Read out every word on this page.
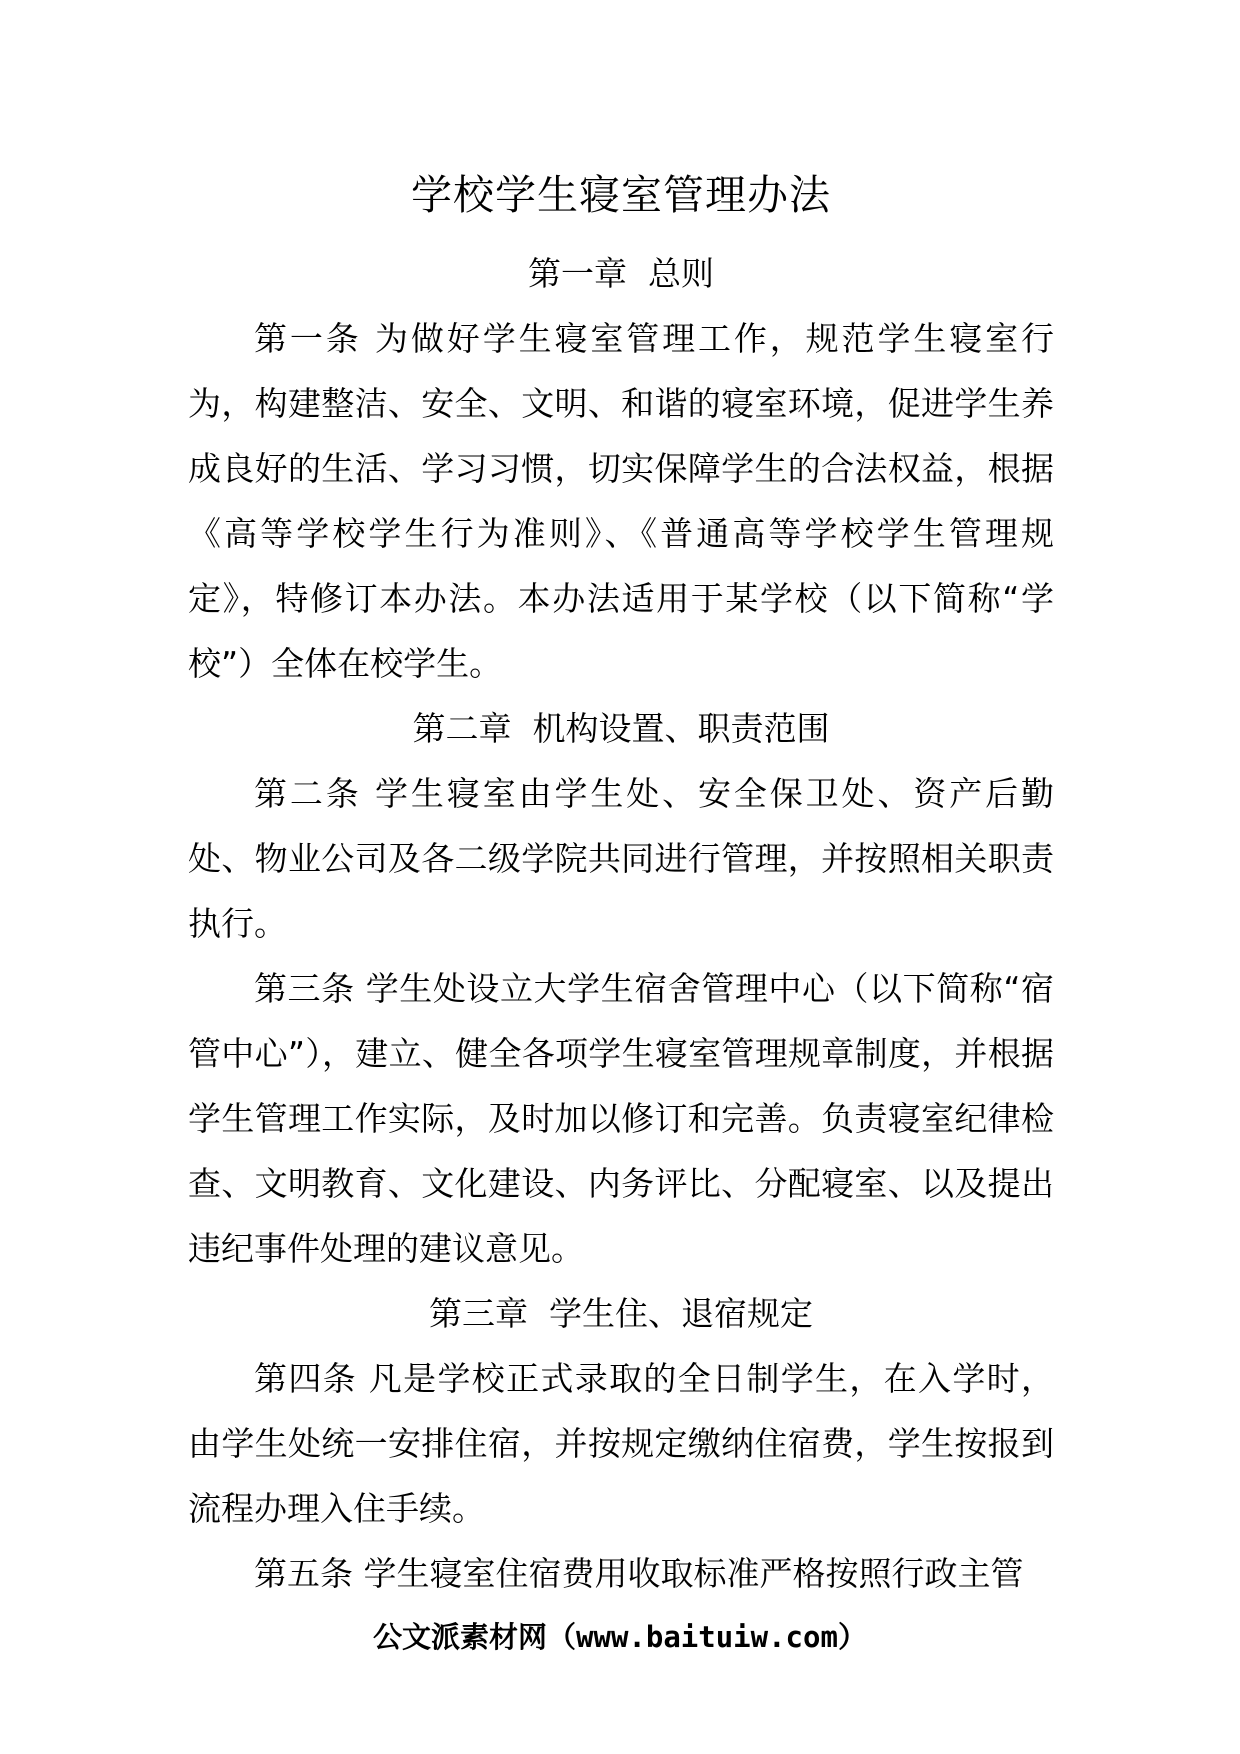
学校学生寝室管理办法

第一章  总则

第一条 为做好学生寝室管理工作，规范学生寝室行为，构建整洁、安全、文明、和谐的寝室环境，促进学生养成良好的生活、学习习惯，切实保障学生的合法权益，根据《高等学校学生行为准则》、《普通高等学校学生管理规定》，特修订本办法。本办法适用于某学校（以下简称“学校”）全体在校学生。

第二章  机构设置、职责范围

第二条 学生寝室由学生处、安全保卫处、资产后勤处、物业公司及各二级学院共同进行管理，并按照相关职责执行。

第三条 学生处设立大学生宿舍管理中心（以下简称“宿管中心”），建立、健全各项学生寝室管理规章制度，并根据学生管理工作实际，及时加以修订和完善。负责寝室纪律检查、文明教育、文化建设、内务评比、分配寝室、以及提出违纪事件处理的建议意见。

第三章  学生住、退宿规定

第四条 凡是学校正式录取的全日制学生，在入学时，由学生处统一安排住宿，并按规定缴纳住宿费，学生按报到流程办理入住手续。

第五条 学生寝室住宿费用收取标准严格按照行政主管

公文派素材网（www.baituiw.com）
